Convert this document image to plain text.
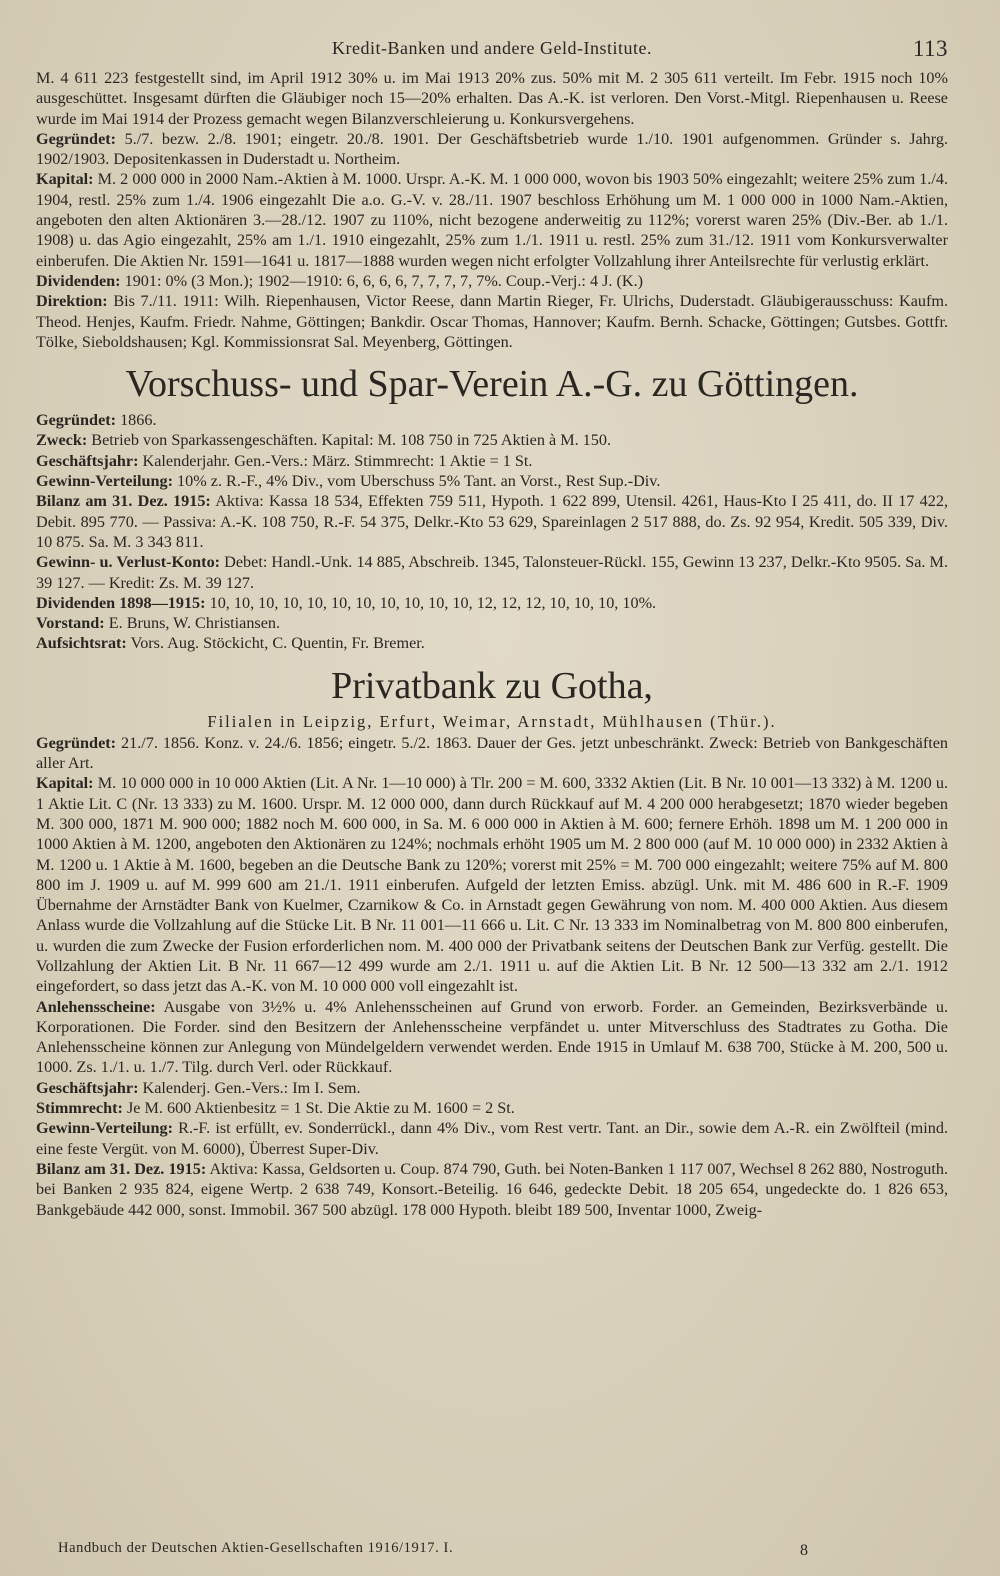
Kredit-Banken und andere Geld-Institute.	113

M. 4 611 223 festgestellt sind, im April 1912 30% u. im Mai 1913 20% zus. 50% mit M. 2 305 611 verteilt. Im Febr. 1915 noch 10% ausgeschüttet. Insgesamt dürften die Gläubiger noch 15—20% erhalten. Das A.-K. ist verloren. Den Vorst.-Mitgl. Riepenhausen u. Reese wurde im Mai 1914 der Prozess gemacht wegen Bilanzverschleierung u. Konkursvergehens.

Gegründet: 5./7. bezw. 2./8. 1901; eingetr. 20./8. 1901. Der Geschäftsbetrieb wurde 1./10. 1901 aufgenommen. Gründer s. Jahrg. 1902/1903. Depositenkassen in Duderstadt u. Northeim.

Kapital: M. 2 000 000 in 2000 Nam.-Aktien à M. 1000. Urspr. A.-K. M. 1 000 000, wovon bis 1903 50% eingezahlt; weitere 25% zum 1./4. 1904, restl. 25% zum 1./4. 1906 eingezahlt Die a.o. G.-V. v. 28./11. 1907 beschloss Erhöhung um M. 1 000 000 in 1000 Nam.-Aktien, angeboten den alten Aktionären 3.—28./12. 1907 zu 110%, nicht bezogene anderweitig zu 112%; vorerst waren 25% (Div.-Ber. ab 1./1. 1908) u. das Agio eingezahlt, 25% am 1./1. 1910 eingezahlt, 25% zum 1./1. 1911 u. restl. 25% zum 31./12. 1911 vom Konkursverwalter einberufen. Die Aktien Nr. 1591—1641 u. 1817—1888 wurden wegen nicht erfolgter Vollzahlung ihrer Anteilsrechte für verlustig erklärt.

Dividenden: 1901: 0% (3 Mon.); 1902—1910: 6, 6, 6, 6, 7, 7, 7, 7, 7%. Coup.-Verj.: 4 J. (K.)

Direktion: Bis 7./11. 1911: Wilh. Riepenhausen, Victor Reese, dann Martin Rieger, Fr. Ulrichs, Duderstadt. Gläubigerausschuss: Kaufm. Theod. Henjes, Kaufm. Friedr. Nahme, Göttingen; Bankdir. Oscar Thomas, Hannover; Kaufm. Bernh. Schacke, Göttingen; Gutsbes. Gottfr. Tölke, Sieboldshausen; Kgl. Kommissionsrat Sal. Meyenberg, Göttingen.

Vorschuss- und Spar-Verein A.-G. zu Göttingen.

Gegründet: 1866.

Zweck: Betrieb von Sparkassengeschäften. Kapital: M. 108 750 in 725 Aktien à M. 150.

Geschäftsjahr: Kalenderjahr. Gen.-Vers.: März. Stimmrecht: 1 Aktie = 1 St.

Gewinn-Verteilung: 10% z. R.-F., 4% Div., vom Uberschuss 5% Tant. an Vorst., Rest Sup.-Div.

Bilanz am 31. Dez. 1915: Aktiva: Kassa 18 534, Effekten 759 511, Hypoth. 1 622 899, Utensil. 4261, Haus-Kto I 25 411, do. II 17 422, Debit. 895 770. — Passiva: A.-K. 108 750, R.-F. 54 375, Delkr.-Kto 53 629, Spareinlagen 2 517 888, do. Zs. 92 954, Kredit. 505 339, Div. 10 875. Sa. M. 3 343 811.

Gewinn- u. Verlust-Konto: Debet: Handl.-Unk. 14 885, Abschreib. 1345, Talonsteuer-Rückl. 155, Gewinn 13 237, Delkr.-Kto 9505. Sa. M. 39 127. — Kredit: Zs. M. 39 127.

Dividenden 1898—1915: 10, 10, 10, 10, 10, 10, 10, 10, 10, 10, 10, 12, 12, 12, 10, 10, 10, 10%.

Vorstand: E. Bruns, W. Christiansen.

Aufsichtsrat: Vors. Aug. Stöckicht, C. Quentin, Fr. Bremer.

Privatbank zu Gotha,
Filialen in Leipzig, Erfurt, Weimar, Arnstadt, Mühlhausen (Thür.).

Gegründet: 21./7. 1856. Konz. v. 24./6. 1856; eingetr. 5./2. 1863. Dauer der Ges. jetzt unbeschränkt. Zweck: Betrieb von Bankgeschäften aller Art.

Kapital: M. 10 000 000 in 10 000 Aktien (Lit. A Nr. 1—10 000) à Tlr. 200 = M. 600, 3332 Aktien (Lit. B Nr. 10 001—13 332) à M. 1200 u. 1 Aktie Lit. C (Nr. 13 333) zu M. 1600. Urspr. M. 12 000 000, dann durch Rückkauf auf M. 4 200 000 herabgesetzt; 1870 wieder begeben M. 300 000, 1871 M. 900 000; 1882 noch M. 600 000, in Sa. M. 6 000 000 in Aktien à M. 600; fernere Erhöh. 1898 um M. 1 200 000 in 1000 Aktien à M. 1200, angeboten den Aktionären zu 124%; nochmals erhöht 1905 um M. 2 800 000 (auf M. 10 000 000) in 2332 Aktien à M. 1200 u. 1 Aktie à M. 1600, begeben an die Deutsche Bank zu 120%; vorerst mit 25% = M. 700 000 eingezahlt; weitere 75% auf M. 800 800 im J. 1909 u. auf M. 999 600 am 21./1. 1911 einberufen. Aufgeld der letzten Emiss. abzügl. Unk. mit M. 486 600 in R.-F. 1909 Übernahme der Arnstädter Bank von Kuelmer, Czarnikow & Co. in Arnstadt gegen Gewährung von nom. M. 400 000 Aktien. Aus diesem Anlass wurde die Vollzahlung auf die Stücke Lit. B Nr. 11 001—11 666 u. Lit. C Nr. 13 333 im Nominalbetrag von M. 800 800 einberufen, u. wurden die zum Zwecke der Fusion erforderlichen nom. M. 400 000 der Privatbank seitens der Deutschen Bank zur Verfüg. gestellt. Die Vollzahlung der Aktien Lit. B Nr. 11 667—12 499 wurde am 2./1. 1911 u. auf die Aktien Lit. B Nr. 12 500—13 332 am 2./1. 1912 eingefordert, so dass jetzt das A.-K. von M. 10 000 000 voll eingezahlt ist.

Anlehensscheine: Ausgabe von 3½% u. 4% Anlehensscheinen auf Grund von erworb. Forder. an Gemeinden, Bezirksverbände u. Korporationen. Die Forder. sind den Besitzern der Anlehensscheine verpfändet u. unter Mitverschluss des Stadtrates zu Gotha. Die Anlehensscheine können zur Anlegung von Mündelgeldern verwendet werden. Ende 1915 in Umlauf M. 638 700, Stücke à M. 200, 500 u. 1000. Zs. 1./1. u. 1./7. Tilg. durch Verl. oder Rückkauf.

Geschäftsjahr: Kalenderj. Gen.-Vers.: Im I. Sem.

Stimmrecht: Je M. 600 Aktienbesitz = 1 St. Die Aktie zu M. 1600 = 2 St.

Gewinn-Verteilung: R.-F. ist erfüllt, ev. Sonderrückl., dann 4% Div., vom Rest vertr. Tant. an Dir., sowie dem A.-R. ein Zwölfteil (mind. eine feste Vergüt. von M. 6000), Überrest Super-Div.

Bilanz am 31. Dez. 1915: Aktiva: Kassa, Geldsorten u. Coup. 874 790, Guth. bei Noten-Banken 1 117 007, Wechsel 8 262 880, Nostroguth. bei Banken 2 935 824, eigene Wertp. 2 638 749, Konsort.-Beteilig. 16 646, gedeckte Debit. 18 205 654, ungedeckte do. 1 826 653, Bankgebäude 442 000, sonst. Immobil. 367 500 abzügl. 178 000 Hypoth. bleibt 189 500, Inventar 1000, Zweig-

Handbuch der Deutschen Aktien-Gesellschaften 1916/1917. I.	8
